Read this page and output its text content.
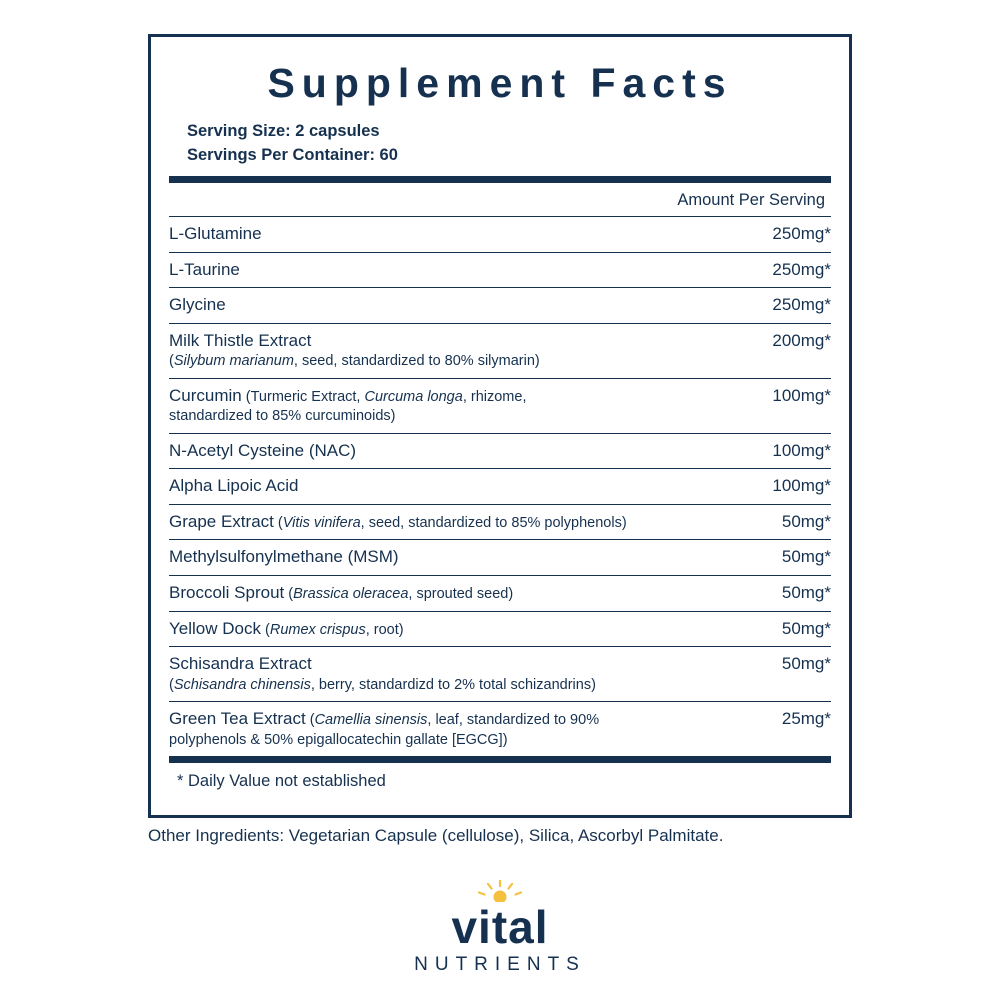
Supplement Facts
Serving Size: 2 capsules
Servings Per Container: 60
Amount Per Serving
L-Glutamine	250mg*

L-Taurine	250mg*

Glycine	250mg*

Milk Thistle Extract
(Silybum marianum, seed, standardized to 80% silymarin)	200mg*

Curcumin (Turmeric Extract, Curcuma longa, rhizome,
standardized to 85% curcuminoids)	100mg*

N-Acetyl Cysteine (NAC)	100mg*

Alpha Lipoic Acid	100mg*

Grape Extract (Vitis vinifera, seed, standardized to 85% polyphenols)	50mg*

Methylsulfonylmethane (MSM)	50mg*

Broccoli Sprout (Brassica oleracea, sprouted seed)	50mg*

Yellow Dock (Rumex crispus, root)	50mg*

Schisandra Extract
(Schisandra chinensis, berry, standardizd to 2% total schizandrins)	50mg*

Green Tea Extract (Camellia sinensis, leaf, standardized to 90%
polyphenols & 50% epigallocatechin gallate [EGCG])	25mg*
* Daily Value not established
Other Ingredients: Vegetarian Capsule (cellulose), Silica, Ascorbyl Palmitate.
vital
NUTRIENTS
